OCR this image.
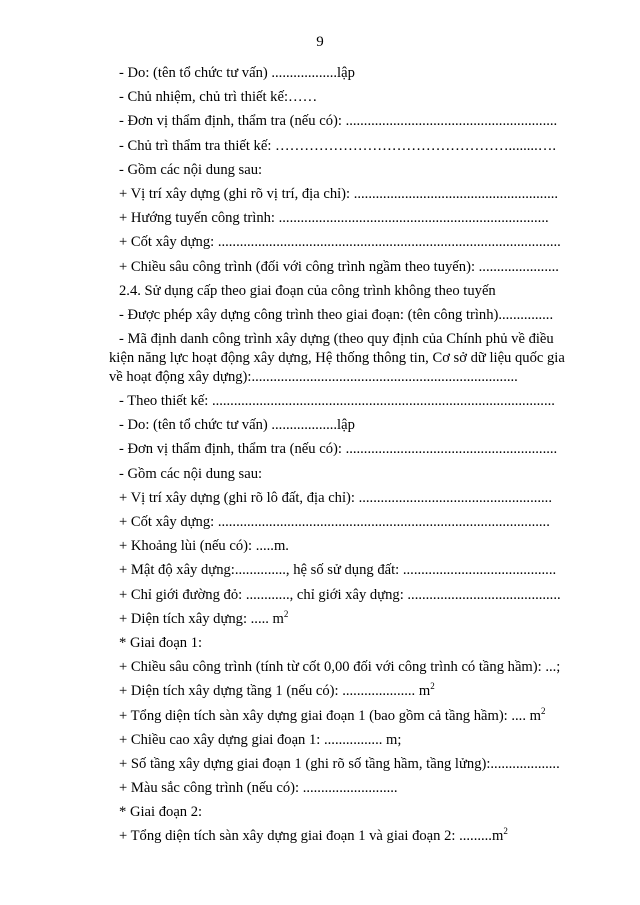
9
- Do: (tên tổ chức tư vấn) ..................lập
- Chủ nhiệm, chủ trì thiết kế:……
- Đơn vị thẩm định, thẩm tra (nếu có): ..........................................................
- Chủ trì thẩm tra thiết kế: …………………………………………........….
- Gồm các nội dung sau:
+ Vị trí xây dựng (ghi rõ vị trí, địa chỉ): ........................................................
+ Hướng tuyến công trình: ..........................................................................
+ Cốt xây dựng: ..............................................................................................
+ Chiều sâu công trình (đối với công trình ngầm theo tuyến): ......................
2.4. Sử dụng cấp theo giai đoạn của công trình không theo tuyến
- Được phép xây dựng công trình theo giai đoạn: (tên công trình)...............
- Mã định danh công trình xây dựng (theo quy định của Chính phủ về điều kiện năng lực hoạt động xây dựng, Hệ thống thông tin, Cơ sở dữ liệu quốc gia về hoạt động xây dựng):.........................................................................
- Theo thiết kế: ..............................................................................................
- Do: (tên tổ chức tư vấn) ..................lập
- Đơn vị thẩm định, thẩm tra (nếu có): ..........................................................
- Gồm các nội dung sau:
+ Vị trí xây dựng (ghi rõ lô đất, địa chỉ): .....................................................
+ Cốt xây dựng: ...........................................................................................
+ Khoảng lùi (nếu có): .....m.
+ Mật độ xây dựng:.............., hệ số sử dụng đất: ..........................................
+ Chỉ giới đường đỏ: ............, chỉ giới xây dựng: ..........................................
+ Diện tích xây dựng: ..... $m^2$
* Giai đoạn 1:
+ Chiều sâu công trình (tính từ cốt 0,00 đối với công trình có tầng hầm): ...;
+ Diện tích xây dựng tầng 1 (nếu có): .................... $m^2$
+ Tổng diện tích sàn xây dựng giai đoạn 1 (bao gồm cả tầng hầm): .... $m^2$
+ Chiều cao xây dựng giai đoạn 1: ................ m;
+ Số tầng xây dựng giai đoạn 1 (ghi rõ số tầng hầm, tầng lửng):...................
+ Màu sắc công trình (nếu có): ..........................
* Giai đoạn 2:
+ Tổng diện tích sàn xây dựng giai đoạn 1 và giai đoạn 2: $.........m^2$
